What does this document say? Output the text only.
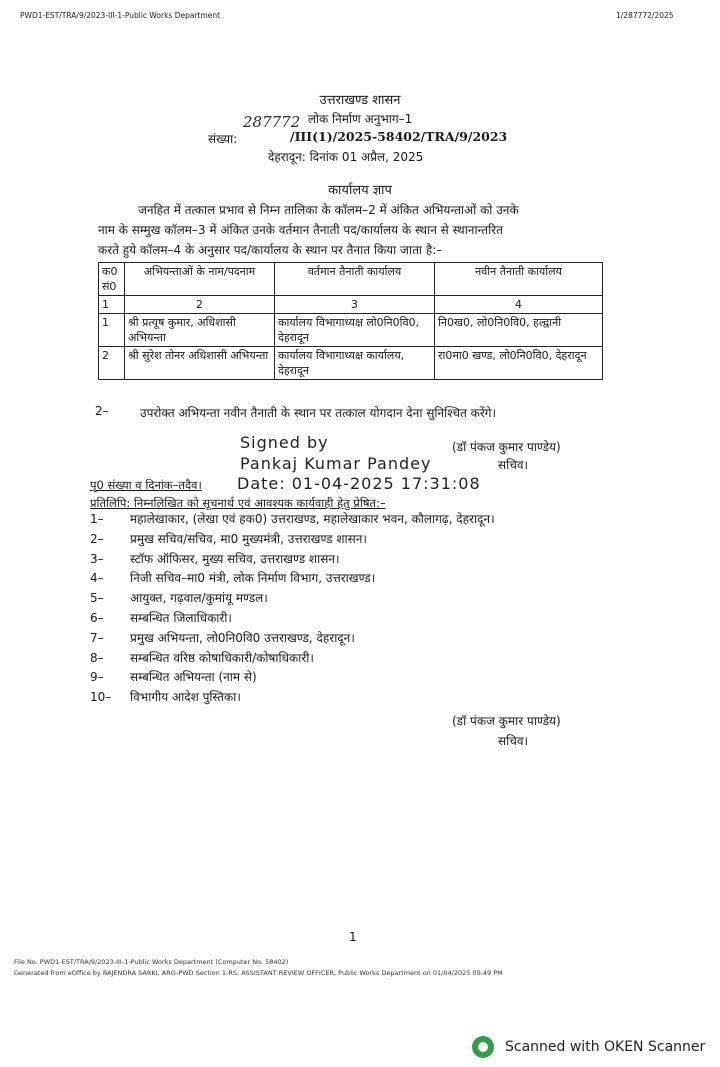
PWD1-EST/TRA/9/2023-III-1-Public Works Department	1/287772/2025
उत्तराखण्ड शासन
लोक निर्माण अनुभाग–1
287772
संख्या:	/III(1)/2025-58402/TRA/9/2023
देहरादून: दिनांक 01 अप्रैल, 2025
कार्यालय ज्ञाप
जनहित में तत्काल प्रभाव से निम्न तालिका के कॉलम–2 में अंकित अभियन्ताओं को उनके
नाम के सम्मुख कॉलम–3 में अंकित उनके वर्तमान तैनाती पद/कार्यालय के स्थान से स्थानान्तरित
करते हुये कॉलम–4 के अनुसार पद/कार्यालय के स्थान पर तैनात किया जाता है:–
क0 सं0	अभियन्ताओं के नाम/पदनाम	वर्तमान तैनाती कार्यालय	नवीन तैनाती कार्यालय
1	2	3	4
1	श्री प्रत्यूष कुमार, अधिशासी अभियन्ता	कार्यालय विभागाध्यक्ष लो0नि0वि0, देहरादून	नि0ख0, लो0नि0वि0, हल्द्वानी
2	श्री सुरेश तोनर अधिशासी अभियन्ता	कार्यालय विभागाध्यक्ष कार्यालय, देहरादून	रा0मा0 खण्ड, लो0नि0वि0, देहरादून
2–	उपरोक्त अभियन्ता नवीन तैनाती के स्थान पर तत्काल योगदान देना सुनिश्चित करेंगे।
Signed by	(डॉ पंकज कुमार पाण्डेय)
Pankaj Kumar Pandey	सचिव।
पृ0 संख्या व दिनांक–तदैव। Date: 01-04-2025 17:31:08
प्रतिलिपि: निम्नलिखित को सूचनार्थ एवं आवश्यक कार्यवाही हेतु प्रेषित:–
1– महालेखाकार, (लेखा एवं हक0) उत्तराखण्ड, महालेखाकार भवन, कौलागढ़, देहरादून।
2– प्रमुख सचिव/सचिव, मा0 मुख्यमंत्री, उत्तराखण्ड शासन।
3– स्टॉफ ऑफिसर, मुख्य सचिव, उत्तराखण्ड शासन।
4– निजी सचिव–मा0 मंत्री, लोक निर्माण विभाग, उत्तराखण्ड।
5– आयुक्त, गढ़वाल/कुमांयू मण्डल।
6– सम्बन्धित जिलाधिकारी।
7– प्रमुख अभियन्ता, लो0नि0वि0 उत्तराखण्ड, देहरादून।
8– सम्बन्धित वरिष्ठ कोषाधिकारी/कोषाधिकारी।
9– सम्बन्धित अभियन्ता (नाम से)
10– विभागीय आदेश पुस्तिका।
(डॉ पंकज कुमार पाण्डेय)
सचिव।
1
File No. PWD1-EST/TRA/9/2023-III-1-Public Works Department (Computer No. 58402)
Generated from eOffice by RAJENDRA SARKI, ARO-PWD Section 1-RS, ASSISTANT REVIEW OFFICER, Public Works Department on 01/04/2025 05:49 PM
Scanned with OKEN Scanner
